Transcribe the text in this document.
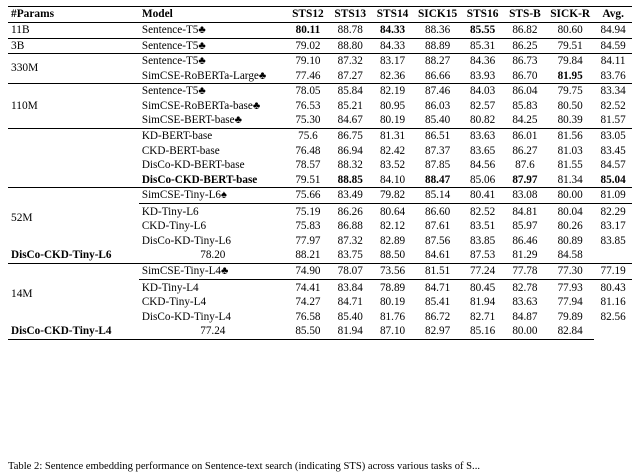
#Params	Model	STS12	STS13	STS14	SICK15	STS16	STS-B	SICK-R	Avg.
11B	Sentence-T5♣	80.11	88.78	84.33	88.36	85.55	86.82	80.60	84.94
3B	Sentence-T5♣	79.02	88.80	84.33	88.89	85.31	86.25	79.51	84.59
330M	Sentence-T5♣	79.10	87.32	83.17	88.27	84.36	86.73	79.84	84.11
	SimCSE-RoBERTa-Large♣	77.46	87.27	82.36	86.66	83.93	86.70	81.95	83.76
110M	Sentence-T5♣	78.05	85.84	82.19	87.46	84.03	86.04	79.75	83.34
	SimCSE-RoBERTa-base♣	76.53	85.21	80.95	86.03	82.57	85.83	80.50	82.52
	SimCSE-BERT-base♣	75.30	84.67	80.19	85.40	80.82	84.25	80.39	81.57
	KD-BERT-base	75.6	86.75	81.31	86.51	83.63	86.01	81.56	83.05
	CKD-BERT-base	76.48	86.94	82.42	87.37	83.65	86.27	81.03	83.45
	DisCo-KD-BERT-base	78.57	88.32	83.52	87.85	84.56	87.6	81.55	84.57
	DisCo-CKD-BERT-base	79.51	88.85	84.10	88.47	85.06	87.97	81.34	85.04
52M	SimCSE-Tiny-L6♠	75.66	83.49	79.82	85.14	80.41	83.08	80.00	81.09

	KD-Tiny-L6	75.19	86.26	80.64	86.60	82.52	84.81	80.04	82.29
	CKD-Tiny-L6	75.83	86.88	82.12	87.61	83.51	85.97	80.26	83.17
	DisCo-KD-Tiny-L6	77.97	87.32	82.89	87.56	83.85	86.46	80.89	83.85
DisCo-CKD-Tiny-L6	78.20	88.21	83.75	88.50	84.61	87.53	81.29	84.58	
14M	SimCSE-Tiny-L4♣	74.90	78.07	73.56	81.51	77.24	77.78	77.30	77.19

	KD-Tiny-L4	74.41	83.84	78.89	84.71	80.45	82.78	77.93	80.43
	CKD-Tiny-L4	74.27	84.71	80.19	85.41	81.94	83.63	77.94	81.16
	DisCo-KD-Tiny-L4	76.58	85.40	81.76	86.72	82.71	84.87	79.89	82.56
DisCo-CKD-Tiny-L4	77.24	85.50	81.94	87.10	82.97	85.16	80.00	82.84	
Table 2: Sentence embedding performance on Sentence-text search (indicating STS) across various tasks of S...
